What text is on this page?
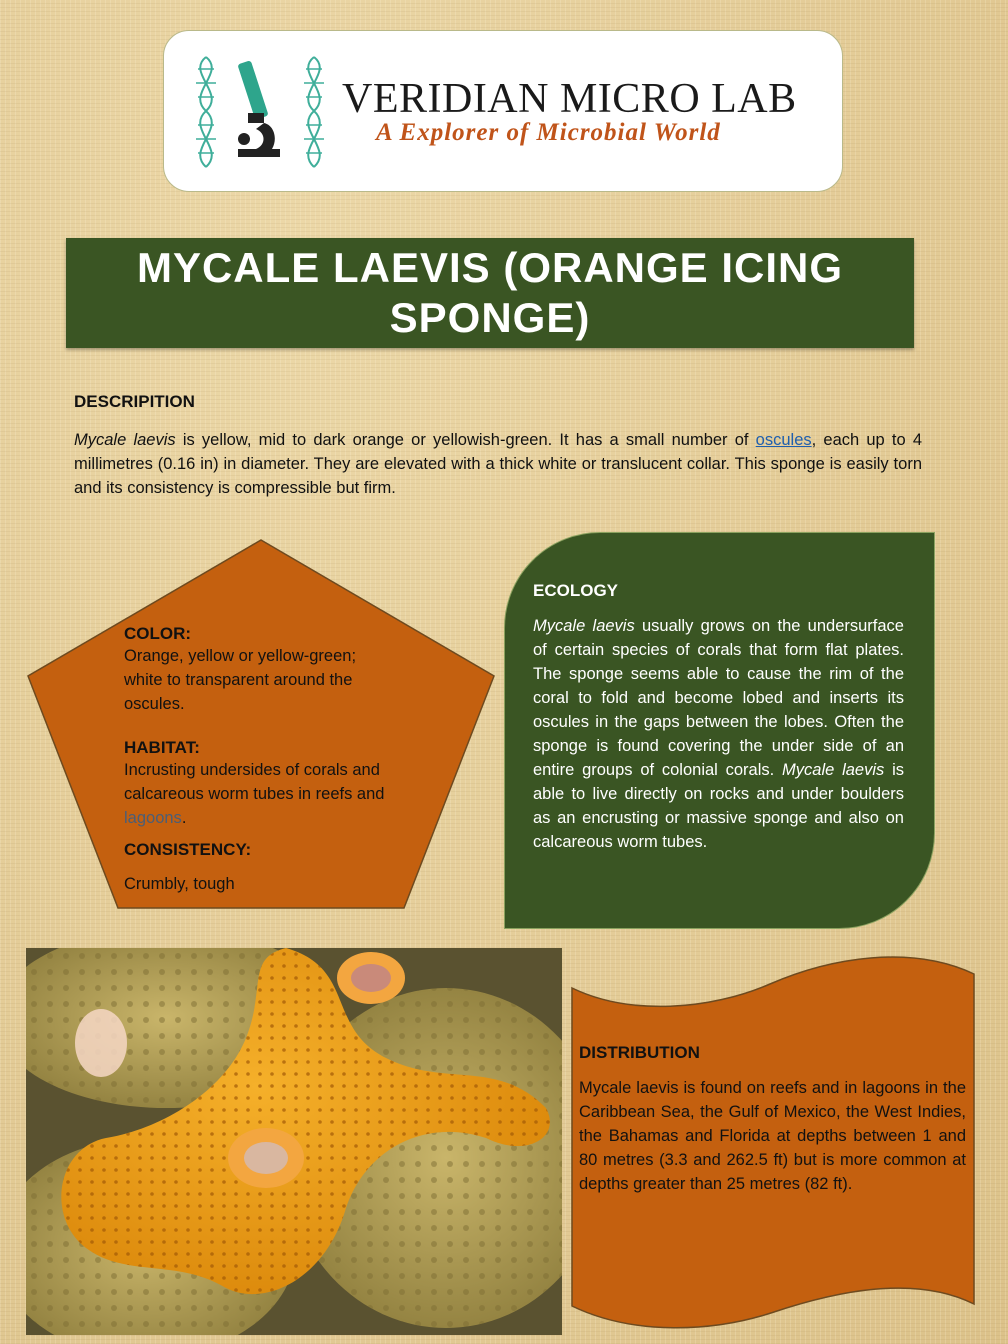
VERIDIAN MICRO LAB
A Explorer of Microbial World
MYCALE LAEVIS (ORANGE ICING SPONGE)

DESCRIPITION

Mycale laevis is yellow, mid to dark orange or yellowish-green. It has a small number of oscules, each up to 4 millimetres (0.16 in) in diameter. They are elevated with a thick white or translucent collar. This sponge is easily torn and its consistency is compressible but firm.
COLOR:
Orange, yellow or yellow-green; white to transparent around the oscules.
HABITAT:
Incrusting undersides of corals and calcareous worm tubes in reefs and lagoons.
CONSISTENCY:
Crumbly, tough
ECOLOGY
Mycale laevis usually grows on the undersurface of certain species of corals that form flat plates. The sponge seems able to cause the rim of the coral to fold and become lobed and inserts its oscules in the gaps between the lobes. Often the sponge is found covering the under side of an entire groups of colonial corals. Mycale laevis is able to live directly on rocks and under boulders as an encrusting or massive sponge and also on calcareous worm tubes.
DISTRIBUTION
Mycale laevis is found on reefs and in lagoons in the Caribbean Sea, the Gulf of Mexico, the West Indies, the Bahamas and Florida at depths between 1 and 80 metres (3.3 and 262.5 ft) but is more common at depths greater than 25 metres (82 ft).
